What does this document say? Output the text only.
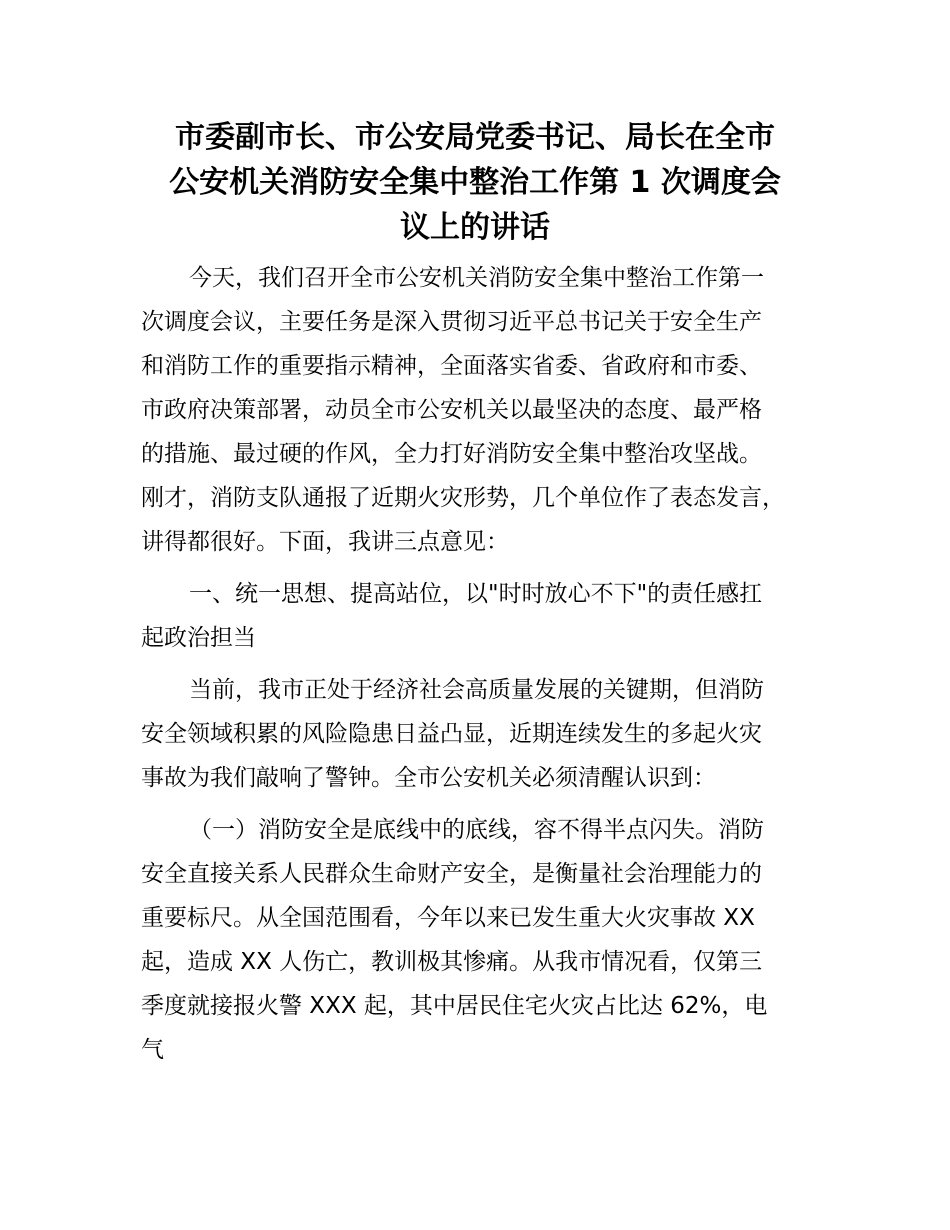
市委副市长、市公安局党委书记、局长在全市
公安机关消防安全集中整治工作第 1 次调度会
议上的讲话
今天，我们召开全市公安机关消防安全集中整治工作第一
次调度会议，主要任务是深入贯彻习近平总书记关于安全生产
和消防工作的重要指示精神，全面落实省委、省政府和市委、
市政府决策部署，动员全市公安机关以最坚决的态度、最严格
的措施、最过硬的作风，全力打好消防安全集中整治攻坚战。
刚才，消防支队通报了近期火灾形势，几个单位作了表态发言，
讲得都很好。下面，我讲三点意见：
一、统一思想、提高站位，以"时时放心不下"的责任感扛
起政治担当
当前，我市正处于经济社会高质量发展的关键期，但消防
安全领域积累的风险隐患日益凸显，近期连续发生的多起火灾
事故为我们敲响了警钟。全市公安机关必须清醒认识到：
（一）消防安全是底线中的底线，容不得半点闪失。消防
安全直接关系人民群众生命财产安全，是衡量社会治理能力的
重要标尺。从全国范围看，今年以来已发生重大火灾事故 XX
起，造成 XX 人伤亡，教训极其惨痛。从我市情况看，仅第三
季度就接报火警 XXX 起，其中居民住宅火灾占比达 62%，电
气
